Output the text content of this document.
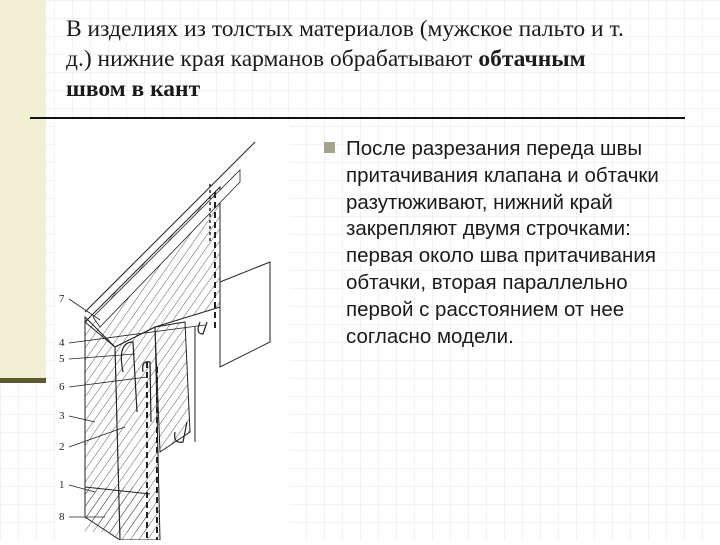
В изделиях из толстых материалов (мужское пальто и т. д.) нижние края карманов обрабатывают обтачным швом в кант
7
4
5
6
3
2
1
8
После разрезания переда швы притачивания клапана и обтачки разутюживают, нижний край закрепляют двумя строчками: первая около шва притачивания обтачки, вторая параллельно первой с расстоянием от нее согласно модели.
